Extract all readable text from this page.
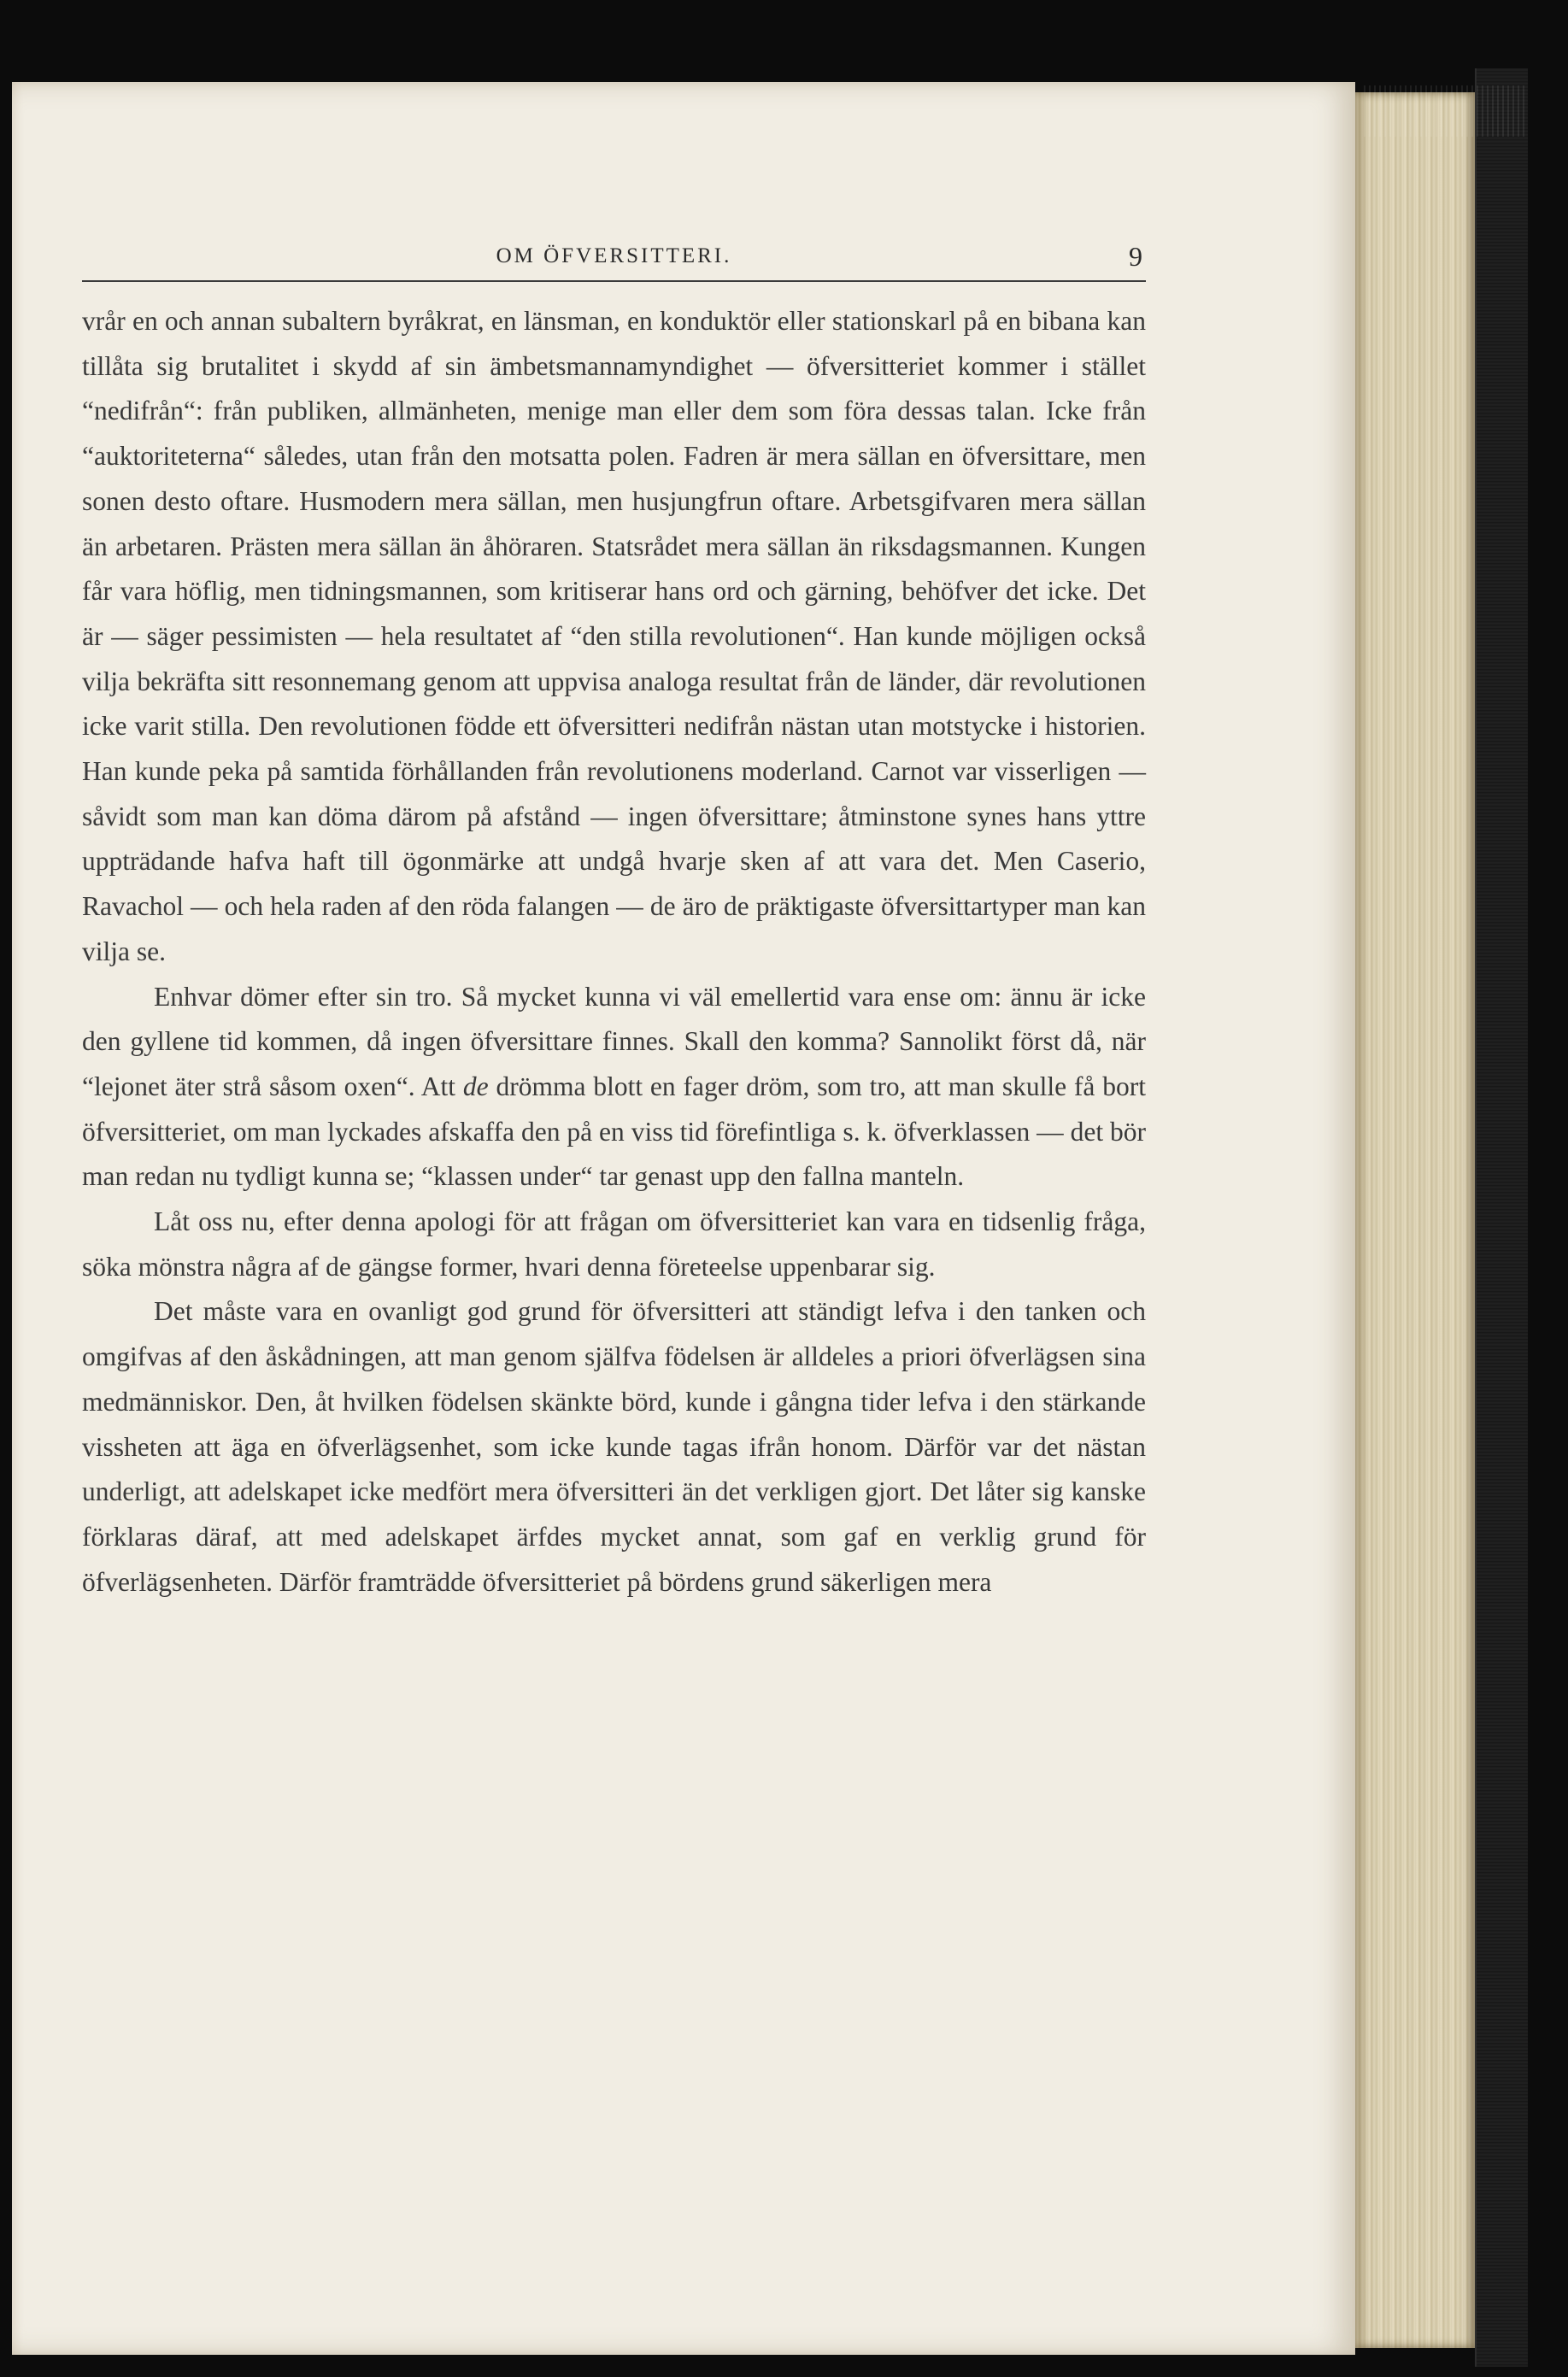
OM ÖFVERSITTERI.	9

vrår en och annan subaltern byråkrat, en länsman, en konduktör eller stationskarl på en bibana kan tillåta sig brutalitet i skydd af sin ämbetsmannamyndighet — öfversitteriet kommer i stället “nedifrån“: från publiken, allmänheten, menige man eller dem som föra dessas talan. Icke från “auktoriteterna“ således, utan från den motsatta polen. Fadren är mera sällan en öfversittare, men sonen desto oftare. Husmodern mera sällan, men husjungfrun oftare. Arbetsgifvaren mera sällan än arbetaren. Prästen mera sällan än åhöraren. Statsrådet mera sällan än riksdagsmannen. Kungen får vara höflig, men tidningsmannen, som kritiserar hans ord och gärning, behöfver det icke. Det är — säger pessimisten — hela resultatet af “den stilla revolutionen“. Han kunde möjligen också vilja bekräfta sitt resonnemang genom att uppvisa analoga resultat från de länder, där revolutionen icke varit stilla. Den revolutionen födde ett öfversitteri nedifrån nästan utan motstycke i historien. Han kunde peka på samtida förhållanden från revolutionens moderland. Carnot var visserligen — såvidt som man kan döma därom på afstånd — ingen öfversittare; åtminstone synes hans yttre uppträdande hafva haft till ögonmärke att undgå hvarje sken af att vara det. Men Caserio, Ravachol — och hela raden af den röda falangen — de äro de präktigaste öfversittartyper man kan vilja se.

Enhvar dömer efter sin tro. Så mycket kunna vi väl emellertid vara ense om: ännu är icke den gyllene tid kommen, då ingen öfversittare finnes. Skall den komma? Sannolikt först då, när “lejonet äter strå såsom oxen“. Att de drömma blott en fager dröm, som tro, att man skulle få bort öfversitteriet, om man lyckades afskaffa den på en viss tid förefintliga s. k. öfverklassen — det bör man redan nu tydligt kunna se; “klassen under“ tar genast upp den fallna manteln.

Låt oss nu, efter denna apologi för att frågan om öfversitteriet kan vara en tidsenlig fråga, söka mönstra några af de gängse former, hvari denna företeelse uppenbarar sig.

Det måste vara en ovanligt god grund för öfversitteri att ständigt lefva i den tanken och omgifvas af den åskådningen, att man genom själfva födelsen är alldeles a priori öfverlägsen sina medmänniskor. Den, åt hvilken födelsen skänkte börd, kunde i gångna tider lefva i den stärkande vissheten att äga en öfverlägsenhet, som icke kunde tagas ifrån honom. Därför var det nästan underligt, att adelskapet icke medfört mera öfversitteri än det verkligen gjort. Det låter sig kanske förklaras däraf, att med adelskapet ärfdes mycket annat, som gaf en verklig grund för öfverlägsenheten. Därför framträdde öfversitteriet på bördens grund säkerligen mera
